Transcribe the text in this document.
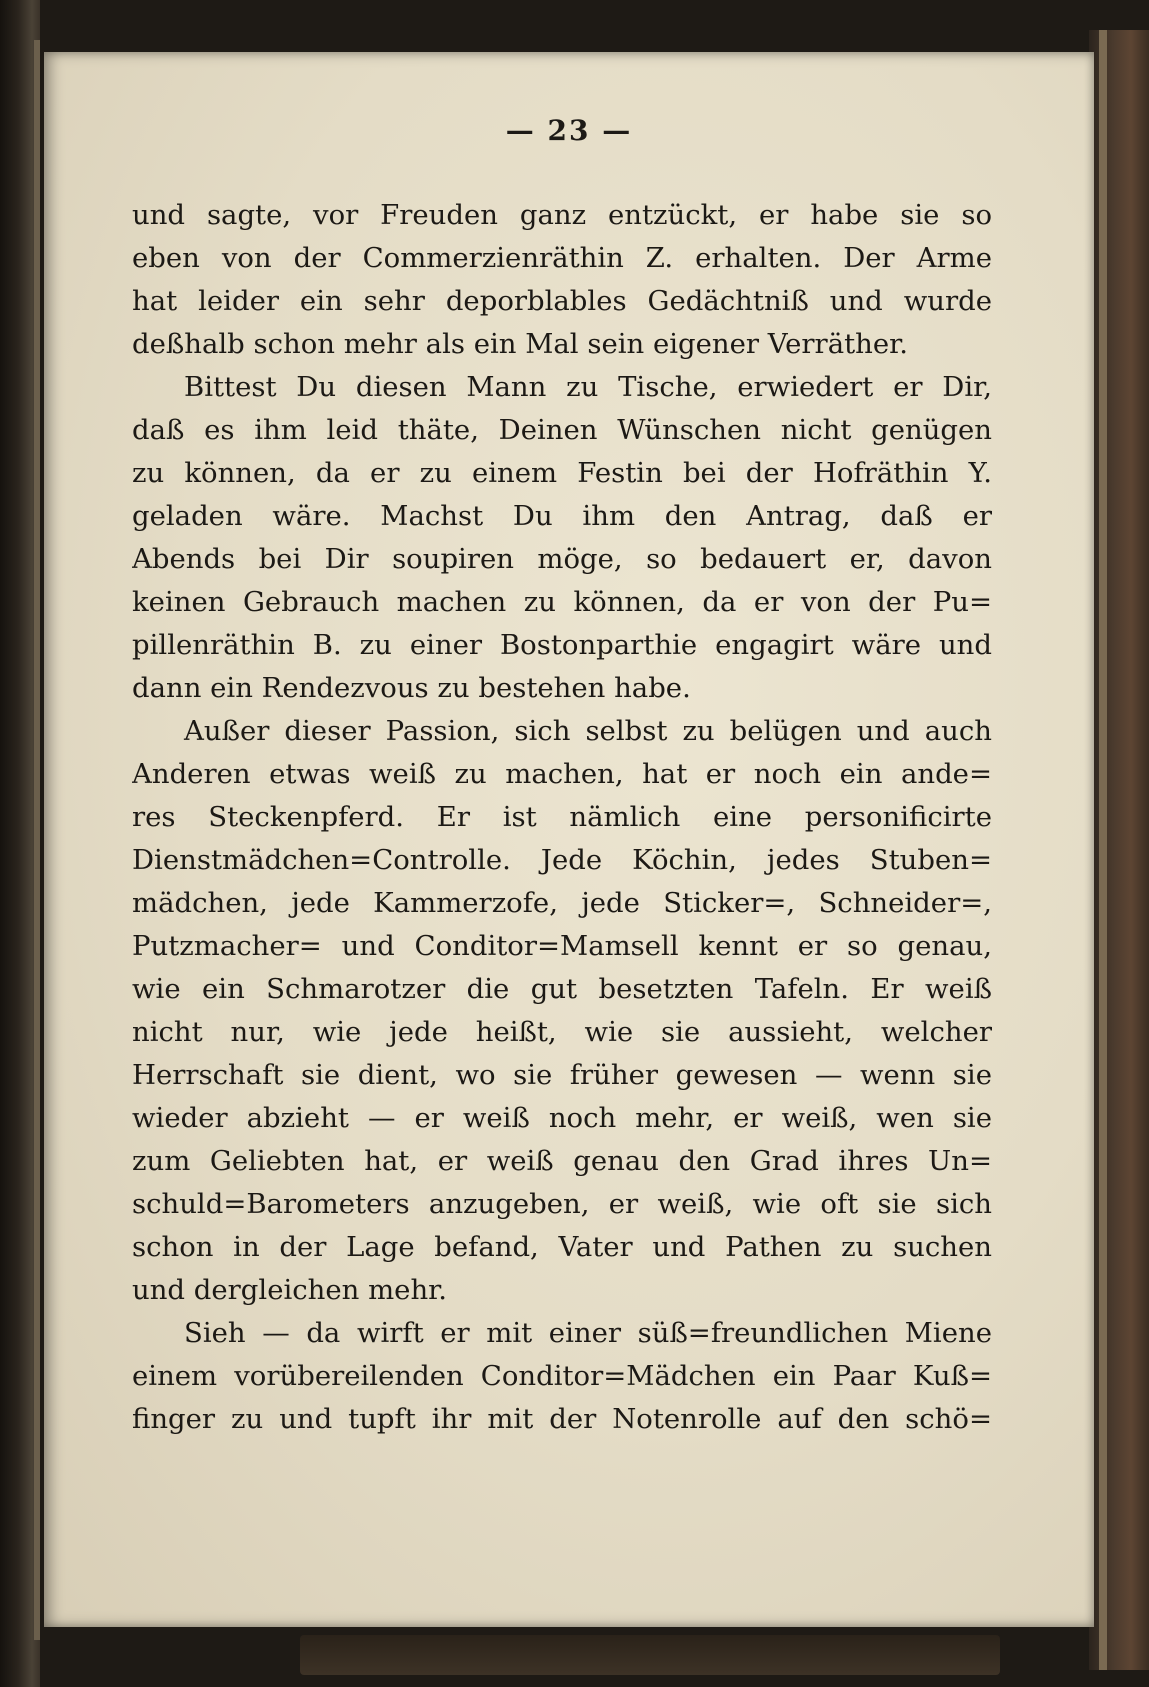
— 23 —
und sagte, vor Freuden ganz entzückt, er habe sie so
eben von der Commerzienräthin Z. erhalten. Der Arme
hat leider ein sehr deporblables Gedächtniß und wurde
deßhalb schon mehr als ein Mal sein eigener Verräther.
Bittest Du diesen Mann zu Tische, erwiedert er Dir,
daß es ihm leid thäte, Deinen Wünschen nicht genügen
zu können, da er zu einem Festin bei der Hofräthin Y.
geladen wäre. Machst Du ihm den Antrag, daß er
Abends bei Dir soupiren möge, so bedauert er, davon
keinen Gebrauch machen zu können, da er von der Pu=
pillenräthin B. zu einer Bostonparthie engagirt wäre und
dann ein Rendezvous zu bestehen habe.
Außer dieser Passion, sich selbst zu belügen und auch
Anderen etwas weiß zu machen, hat er noch ein ande=
res Steckenpferd. Er ist nämlich eine personificirte
Dienstmädchen=Controlle. Jede Köchin, jedes Stuben=
mädchen, jede Kammerzofe, jede Sticker=, Schneider=,
Putzmacher= und Conditor=Mamsell kennt er so genau,
wie ein Schmarotzer die gut besetzten Tafeln. Er weiß
nicht nur, wie jede heißt, wie sie aussieht, welcher
Herrschaft sie dient, wo sie früher gewesen — wenn sie
wieder abzieht — er weiß noch mehr, er weiß, wen sie
zum Geliebten hat, er weiß genau den Grad ihres Un=
schuld=Barometers anzugeben, er weiß, wie oft sie sich
schon in der Lage befand, Vater und Pathen zu suchen
und dergleichen mehr.
Sieh — da wirft er mit einer süß=freundlichen Miene
einem vorübereilenden Conditor=Mädchen ein Paar Kuß=
finger zu und tupft ihr mit der Notenrolle auf den schö=
